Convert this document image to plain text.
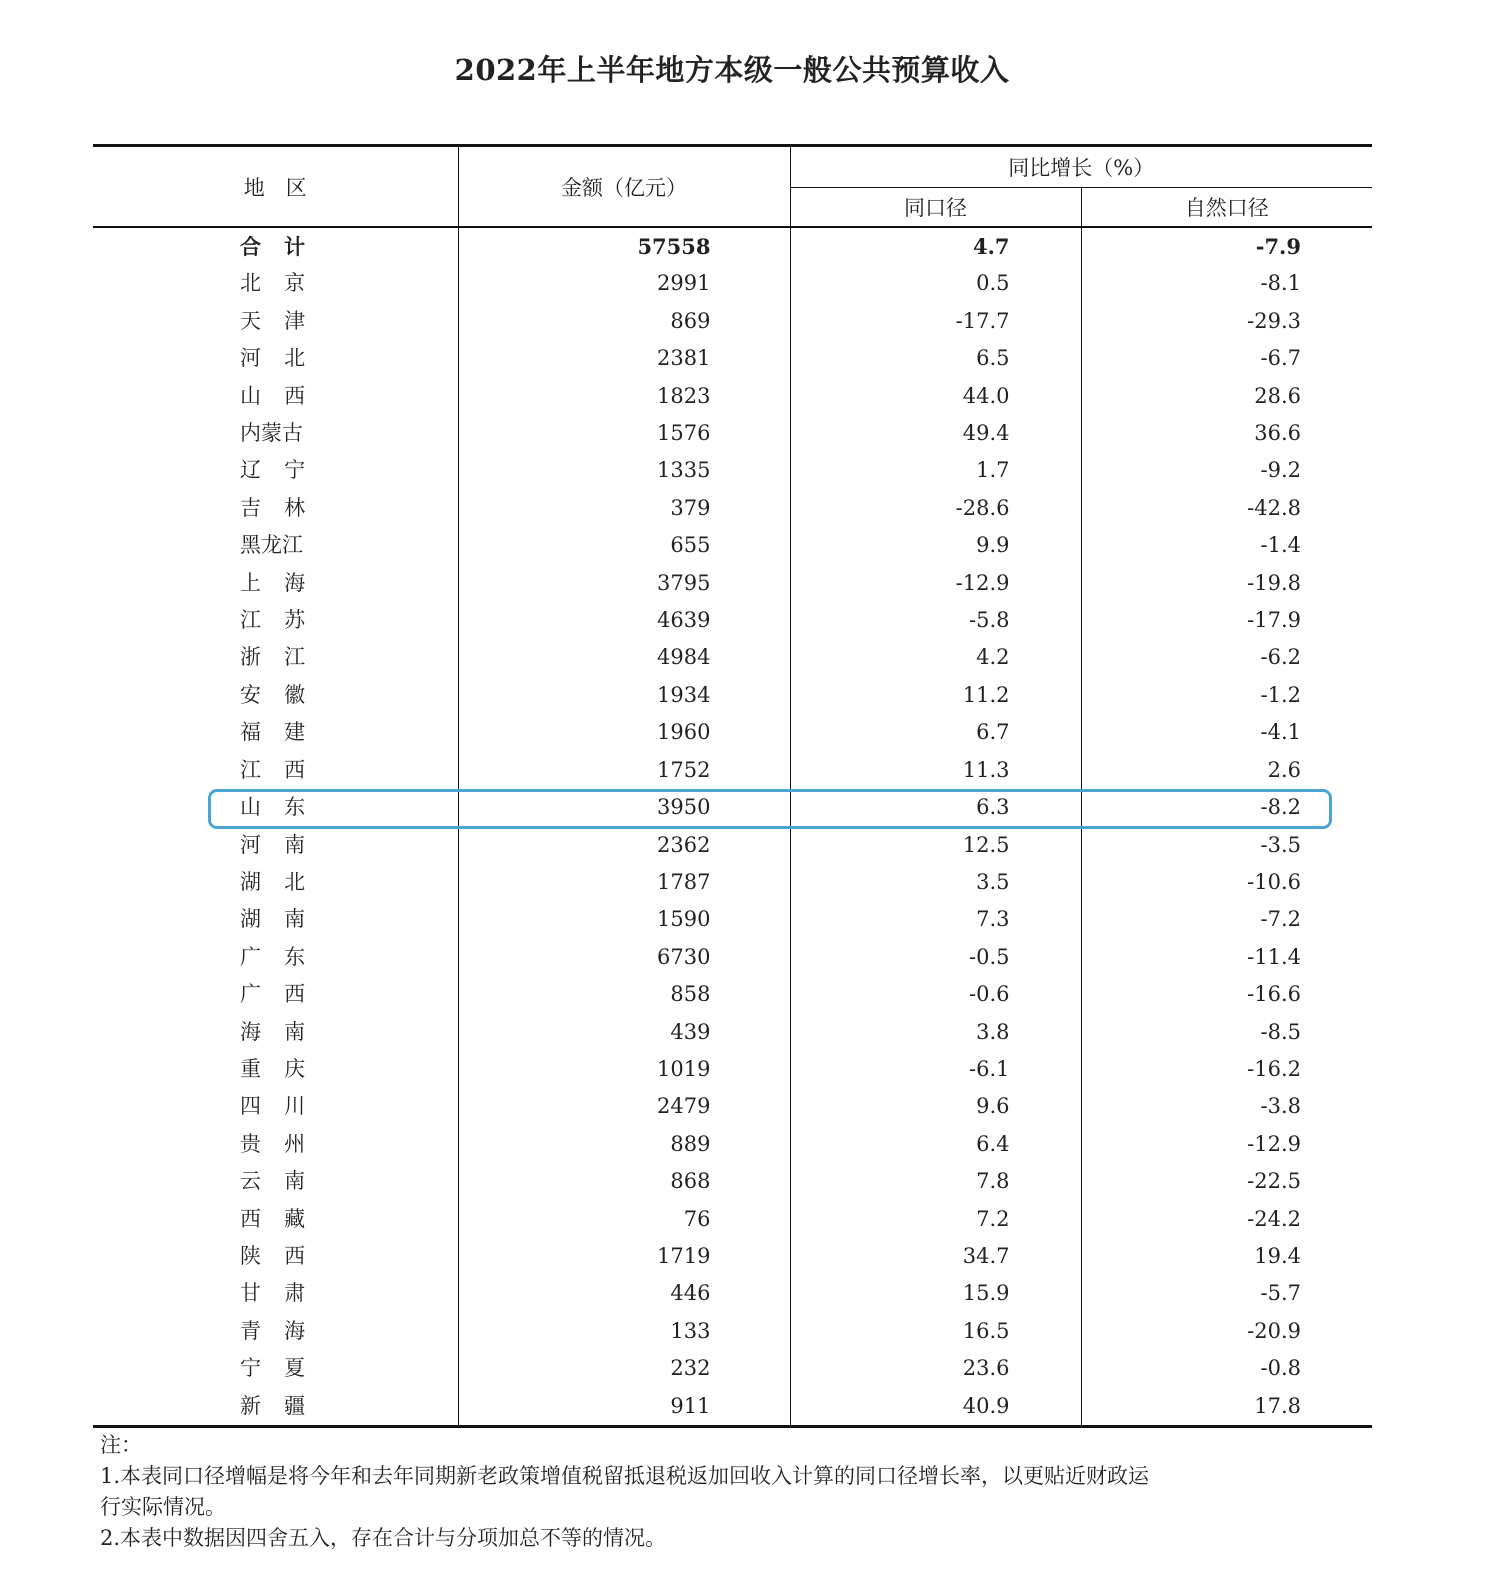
2022年上半年地方本级一般公共预算收入
地　区	金额（亿元）	同比增长（%）	
		同口径	自然口径
合计	57558	4.7	-7.9
北京	2991	0.5	-8.1
天津	869	-17.7	-29.3
河北	2381	6.5	-6.7
山西	1823	44.0	28.6
内蒙古	1576	49.4	36.6
辽宁	1335	1.7	-9.2
吉林	379	-28.6	-42.8
黑龙江	655	9.9	-1.4
上海	3795	-12.9	-19.8
江苏	4639	-5.8	-17.9
浙江	4984	4.2	-6.2
安徽	1934	11.2	-1.2
福建	1960	6.7	-4.1
江西	1752	11.3	2.6
山东	3950	6.3	-8.2
河南	2362	12.5	-3.5
湖北	1787	3.5	-10.6
湖南	1590	7.3	-7.2
广东	6730	-0.5	-11.4
广西	858	-0.6	-16.6
海南	439	3.8	-8.5
重庆	1019	-6.1	-16.2
四川	2479	9.6	-3.8
贵州	889	6.4	-12.9
云南	868	7.8	-22.5
西藏	76	7.2	-24.2
陕西	1719	34.7	19.4
甘肃	446	15.9	-5.7
青海	133	16.5	-20.9
宁夏	232	23.6	-0.8
新疆	911	40.9	17.8
注：
1.本表同口径增幅是将今年和去年同期新老政策增值税留抵退税返加回收入计算的同口径增长率，以更贴近财政运
行实际情况。
2.本表中数据因四舍五入，存在合计与分项加总不等的情况。
